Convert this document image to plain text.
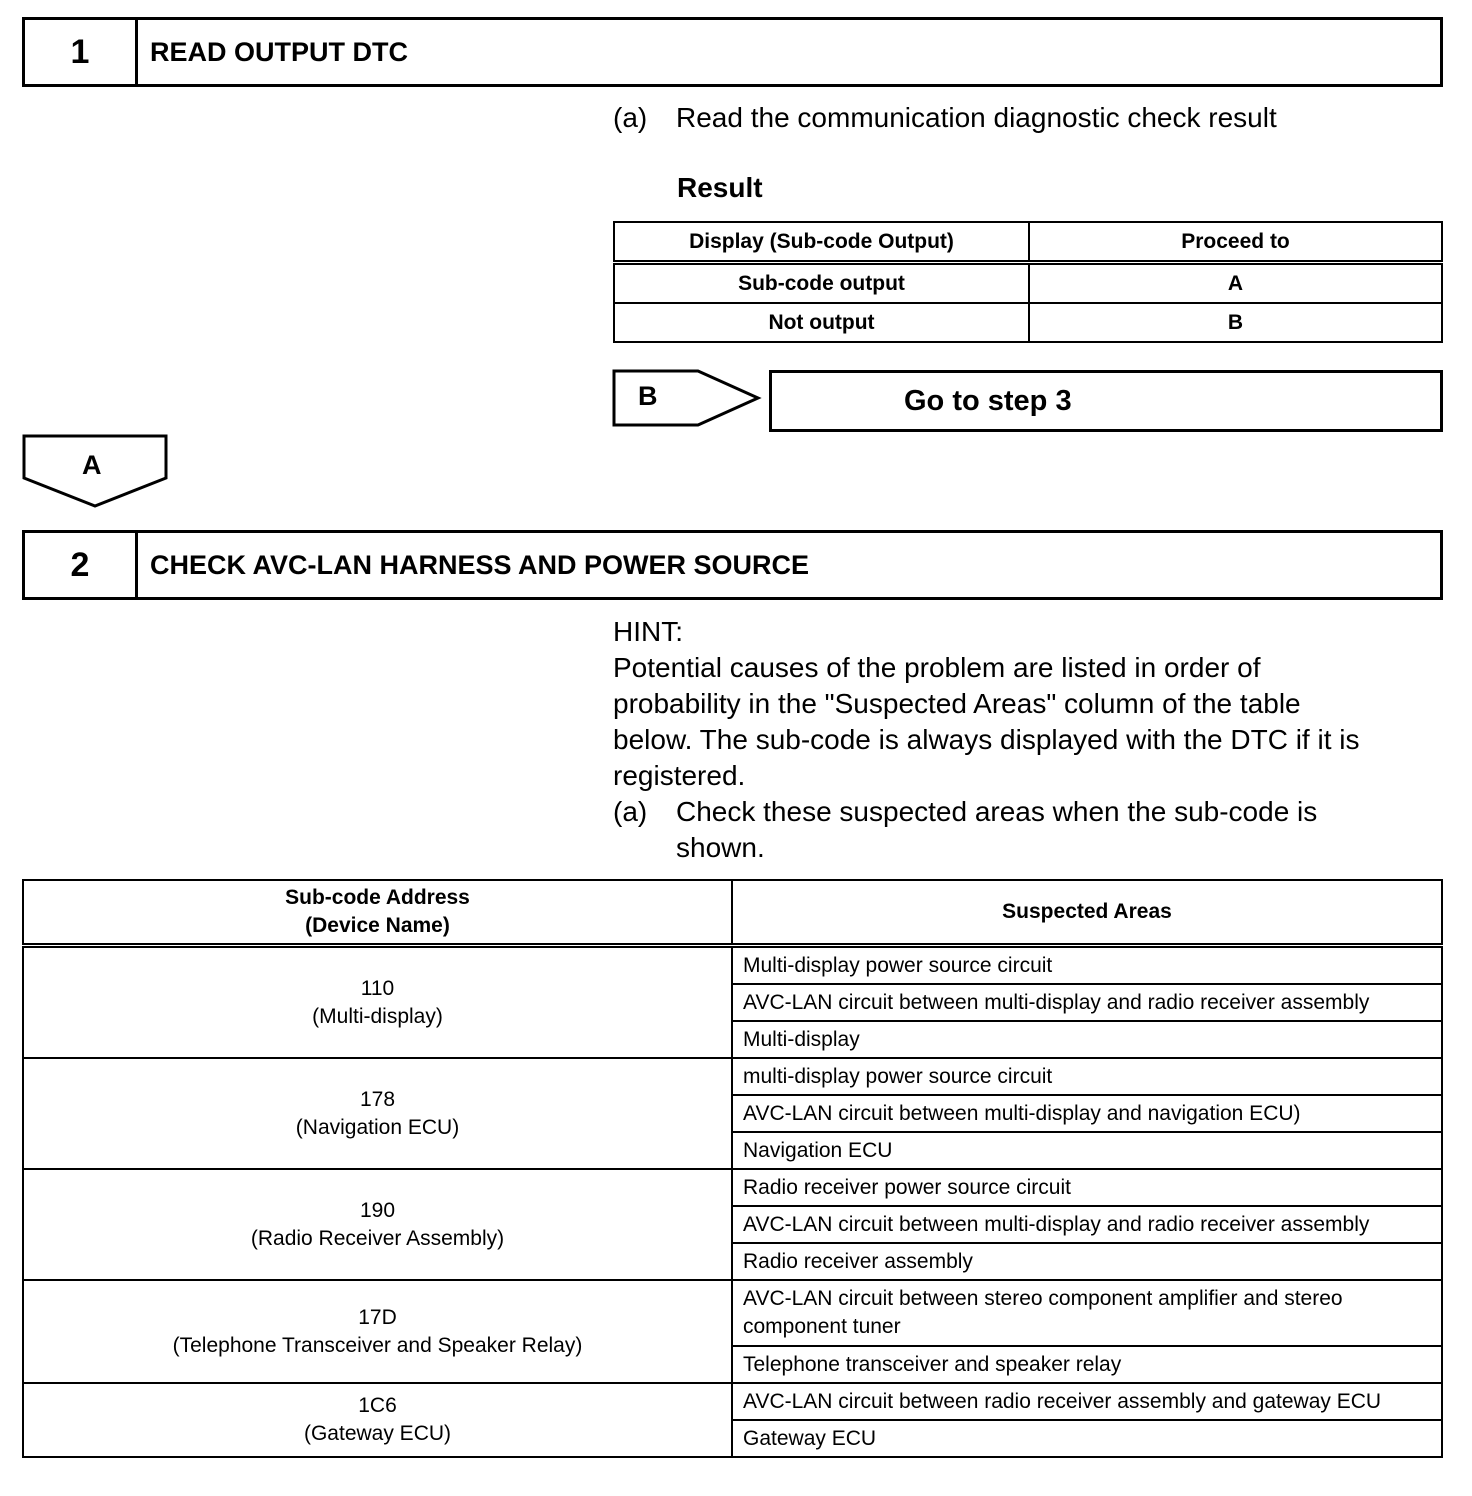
1	READ OUTPUT DTC
(a) Read the communication diagnostic check result
Result
Display (Sub-code Output)	Proceed to
Sub-code output	A
Not output	B
B	Go to step 3
A
2	CHECK AVC-LAN HARNESS AND POWER SOURCE
HINT:
Potential causes of the problem are listed in order of
probability in the "Suspected Areas" column of the table
below. The sub-code is always displayed with the DTC if it is
registered.
(a)	Check these suspected areas when the sub-code is
shown.
Sub-code Address
(Device Name)	Suspected Areas
110
(Multi-display)	Multi-display power source circuit
	AVC-LAN circuit between multi-display and radio receiver assembly
	Multi-display
178
(Navigation ECU)	multi-display power source circuit
	AVC-LAN circuit between multi-display and navigation ECU)
	Navigation ECU
190
(Radio Receiver Assembly)	Radio receiver power source circuit
	AVC-LAN circuit between multi-display and radio receiver assembly
	Radio receiver assembly
17D
(Telephone Transceiver and Speaker Relay)	AVC-LAN circuit between stereo component amplifier and stereo component tuner
	Telephone transceiver and speaker relay
1C6
(Gateway ECU)	AVC-LAN circuit between radio receiver assembly and gateway ECU
	Gateway ECU
